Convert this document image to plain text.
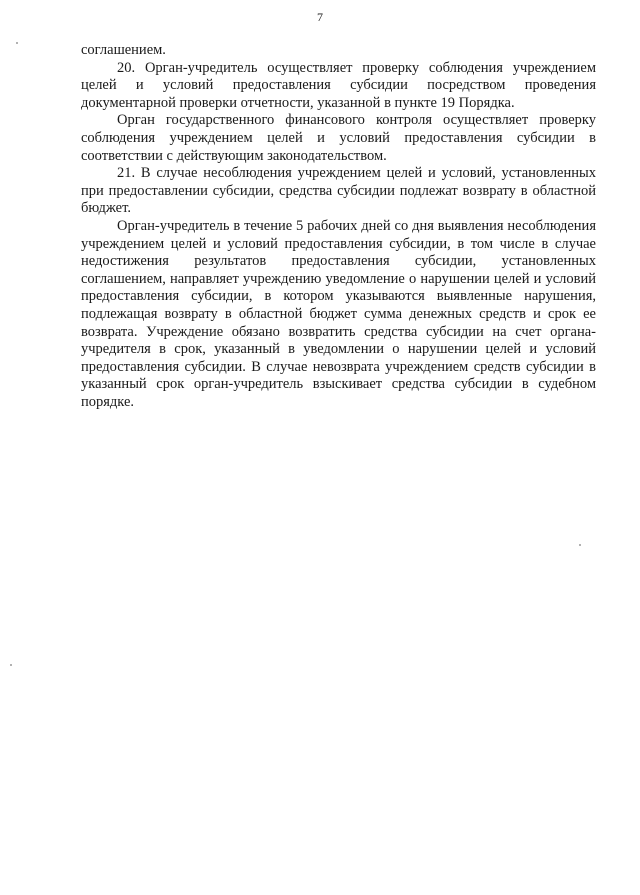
7

соглашением.

20. Орган-учредитель осуществляет проверку соблюдения учреждением целей и условий предоставления субсидии посредством проведения документарной проверки отчетности, указанной в пункте 19 Порядка.

Орган государственного финансового контроля осуществляет проверку соблюдения учреждением целей и условий предоставления субсидии в соответствии с действующим законодательством.

21. В случае несоблюдения учреждением целей и условий, установленных при предоставлении субсидии, средства субсидии подлежат возврату в областной бюджет.

Орган-учредитель в течение 5 рабочих дней со дня выявления несоблюдения учреждением целей и условий предоставления субсидии, в том числе в случае недостижения результатов предоставления субсидии, установленных соглашением, направляет учреждению уведомление о нарушении целей и условий предоставления субсидии, в котором указываются выявленные нарушения, подлежащая возврату в областной бюджет сумма денежных средств и срок ее возврата. Учреждение обязано возвратить средства субсидии на счет органа-учредителя в срок, указанный в уведомлении о нарушении целей и условий предоставления субсидии. В случае невозврата учреждением средств субсидии в указанный срок орган-учредитель взыскивает средства субсидии в судебном порядке.
